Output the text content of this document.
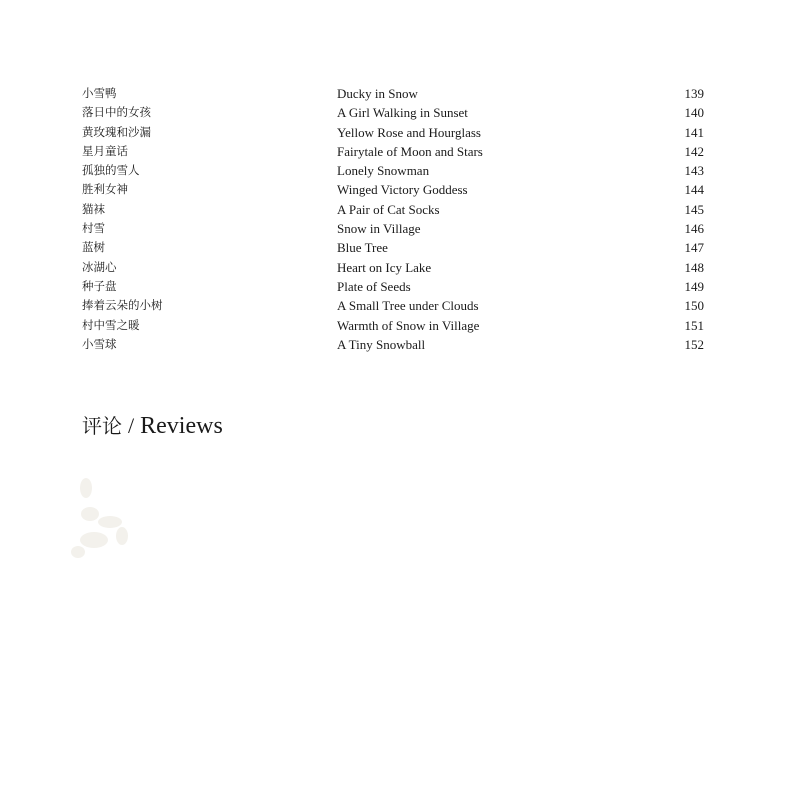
小雪鸭	Ducky in Snow	139
落日中的女孩	A Girl Walking in Sunset	140
黄玫瑰和沙漏	Yellow Rose and Hourglass	141
星月童话	Fairytale of Moon and Stars	142
孤独的雪人	Lonely Snowman	143
胜利女神	Winged Victory Goddess	144
猫袜	A Pair of Cat Socks	145
村雪	Snow in Village	146
蓝树	Blue Tree	147
冰湖心	Heart on Icy Lake	148
种子盘	Plate of Seeds	149
捧着云朵的小树	A Small Tree under Clouds	150
村中雪之暖	Warmth of Snow in Village	151
小雪球	A Tiny Snowball	152
评论 / Reviews
